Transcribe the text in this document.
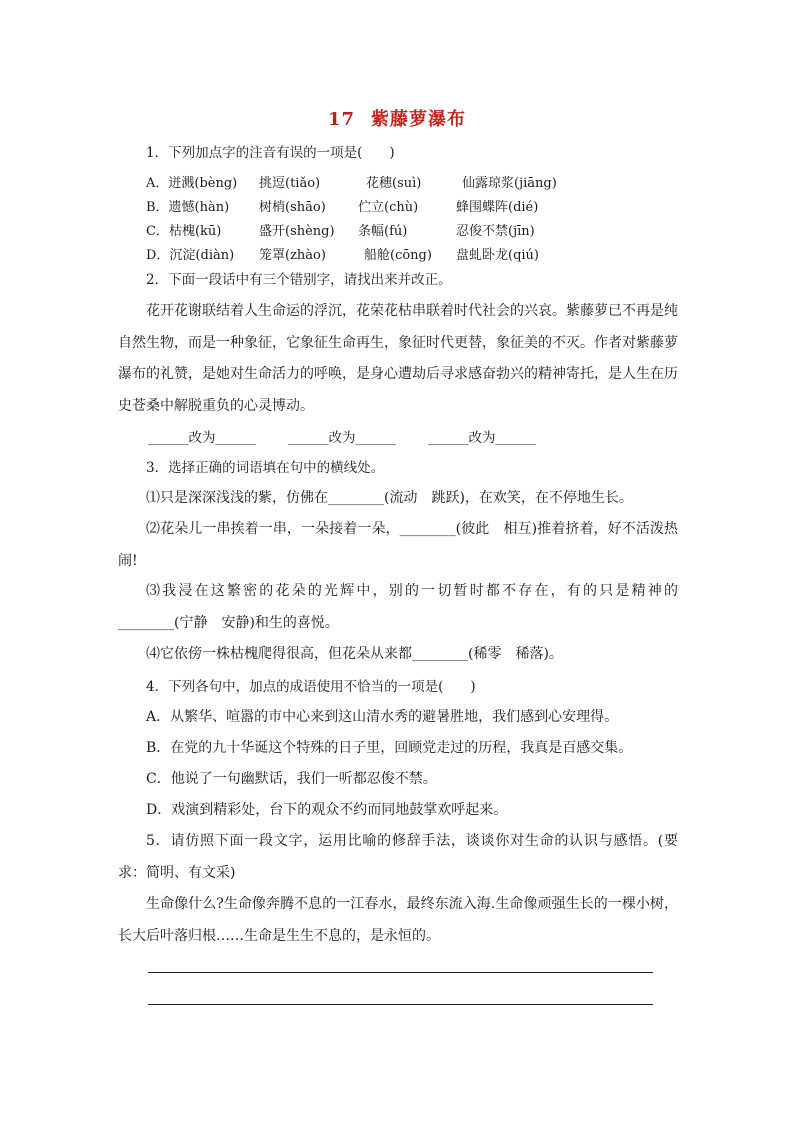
17 紫藤萝瀑布
1．下列加点字的注音有误的一项是(　　)
A．迸溅(bèng) 挑逗(tiǎo)	花穗(suì)	仙露琼浆(jiāng)
B．遗憾(hàn) 树梢(shāo) 伫立(chù)	蜂围蝶阵(dié)
C．枯槐(kū)	盛开(shèng) 条幅(fú)	忍俊不禁(jīn)
D．沉淀(diàn) 笼罩(zhào)	船舱(cōng) 盘虬卧龙(qiú)
2．下面一段话中有三个错别字，请找出来并改正。
花开花谢联结着人生命运的浮沉，花荣花枯串联着时代社会的兴哀。紫藤萝已不再是纯自然生物，而是一种象征，它象征生命再生，象征时代更替，象征美的不灭。作者对紫藤萝瀑布的礼赞，是她对生命活力的呼唤，是身心遭劫后寻求感奋勃兴的精神寄托，是人生在历史苍桑中解脱重负的心灵博动。
______改为______ ______改为______ ______改为______
3．选择正确的词语填在句中的横线处。
⑴只是深深浅浅的紫，仿佛在________(流动　跳跃)，在欢笑，在不停地生长。
⑵花朵儿一串挨着一串，一朵接着一朵，________(彼此　相互)推着挤着，好不活泼热闹!
⑶我浸在这繁密的花朵的光辉中，别的一切暂时都不存在，有的只是精神的________(宁静　安静)和生的喜悦。
⑷它依傍一株枯槐爬得很高，但花朵从来都________(稀零　稀落)。
4．下列各句中，加点的成语使用不恰当的一项是(　　)
A．从繁华、喧嚣的市中心来到这山清水秀的避暑胜地，我们感到心安理得。
B．在党的九十华诞这个特殊的日子里，回顾党走过的历程，我真是百感交集。
C．他说了一句幽默话，我们一听都忍俊不禁。
D．戏演到精彩处，台下的观众不约而同地鼓掌欢呼起来。
5．请仿照下面一段文字，运用比喻的修辞手法，谈谈你对生命的认识与感悟。(要求：简明、有文采)
生命像什么?生命像奔腾不息的一江春水，最终东流入海.生命像顽强生长的一棵小树，长大后叶落归根……生命是生生不息的，是永恒的。
